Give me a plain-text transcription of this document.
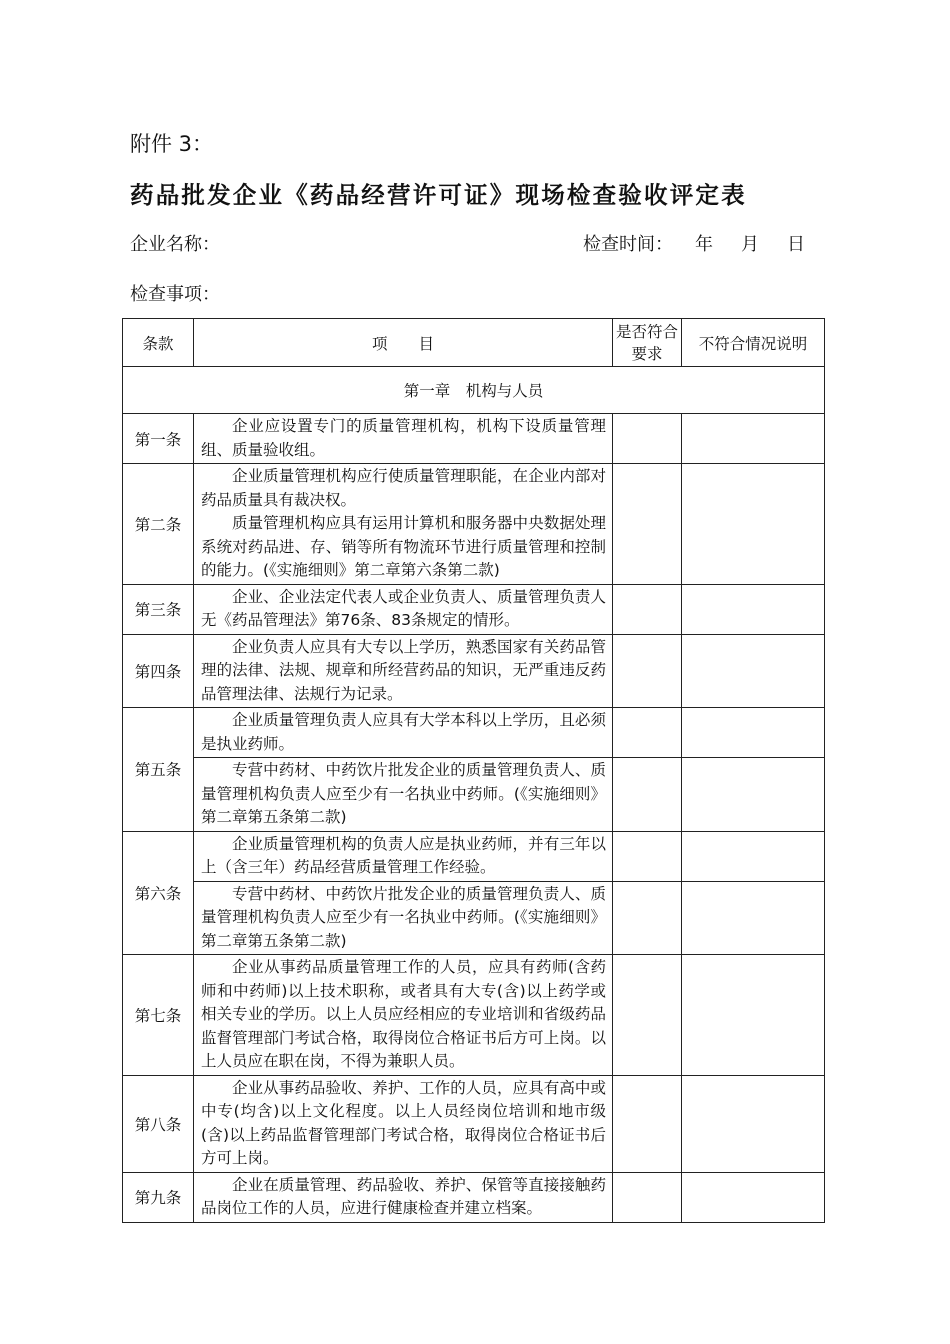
附件 3：
药品批发企业《药品经营许可证》现场检查验收评定表
企业名称：	检查时间： 年 月 日
检查事项：
条款	项　　目	是否符合要求	不符合情况说明
第一章　机构与人员			
第一条	企业应设置专门的质量管理机构，机构下设质量管理组、质量验收组。		

第二条	企业质量管理机构应行使质量管理职能，在企业内部对药品质量具有裁决权。
质量管理机构应具有运用计算机和服务器中央数据处理系统对药品进、存、销等所有物流环节进行质量管理和控制的能力。(《实施细则》第二章第六条第二款)		

第三条	企业、企业法定代表人或企业负责人、质量管理负责人无《药品管理法》第76条、83条规定的情形。		

第四条	企业负责人应具有大专以上学历，熟悉国家有关药品管理的法律、法规、规章和所经营药品的知识，无严重违反药品管理法律、法规行为记录。		

第五条	企业质量管理负责人应具有大学本科以上学历，且必须是执业药师。		

	专营中药材、中药饮片批发企业的质量管理负责人、质量管理机构负责人应至少有一名执业中药师。(《实施细则》第二章第五条第二款)		

第六条	企业质量管理机构的负责人应是执业药师，并有三年以上（含三年）药品经营质量管理工作经验。		

	专营中药材、中药饮片批发企业的质量管理负责人、质量管理机构负责人应至少有一名执业中药师。(《实施细则》第二章第五条第二款)		

第七条	企业从事药品质量管理工作的人员，应具有药师(含药师和中药师)以上技术职称，或者具有大专(含)以上药学或相关专业的学历。以上人员应经相应的专业培训和省级药品监督管理部门考试合格，取得岗位合格证书后方可上岗。以上人员应在职在岗，不得为兼职人员。		

第八条	企业从事药品验收、养护、工作的人员，应具有高中或中专(均含)以上文化程度。以上人员经岗位培训和地市级(含)以上药品监督管理部门考试合格，取得岗位合格证书后方可上岗。		

第九条	企业在质量管理、药品验收、养护、保管等直接接触药品岗位工作的人员，应进行健康检查并建立档案。		
